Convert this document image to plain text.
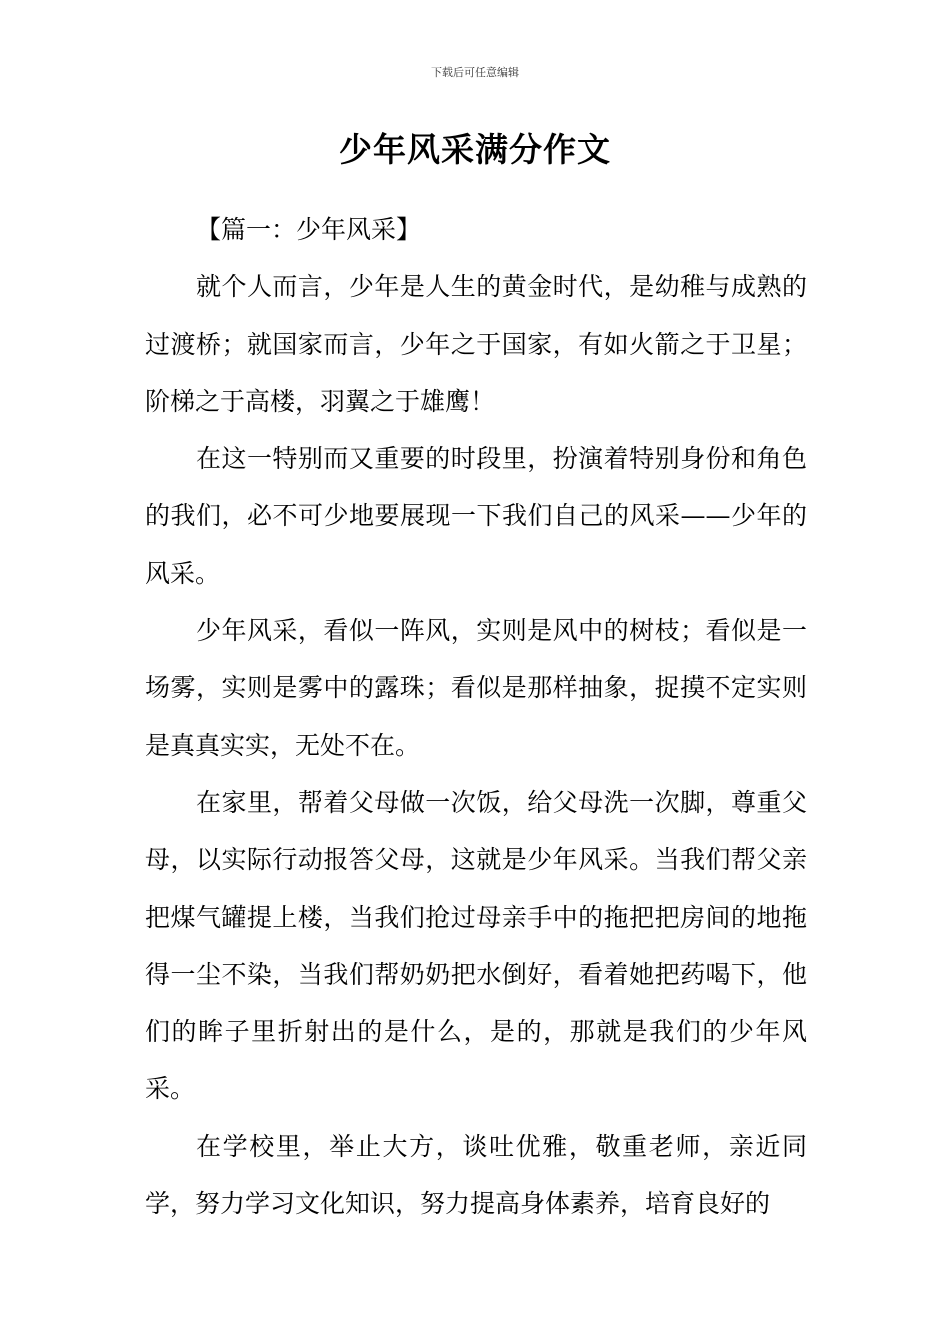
下载后可任意编辑
少年风采满分作文

【篇一：少年风采】

就个人而言，少年是人生的黄金时代，是幼稚与成熟的过渡桥；就国家而言，少年之于国家，有如火箭之于卫星；阶梯之于高楼，羽翼之于雄鹰！

在这一特别而又重要的时段里，扮演着特别身份和角色的我们，必不可少地要展现一下我们自己的风采——少年的风采。

少年风采，看似一阵风，实则是风中的树枝；看似是一场雾，实则是雾中的露珠；看似是那样抽象，捉摸不定实则是真真实实，无处不在。

在家里，帮着父母做一次饭，给父母洗一次脚，尊重父母，以实际行动报答父母，这就是少年风采。当我们帮父亲把煤气罐提上楼，当我们抢过母亲手中的拖把把房间的地拖得一尘不染，当我们帮奶奶把水倒好，看着她把药喝下，他们的眸子里折射出的是什么，是的，那就是我们的少年风采。

在学校里，举止大方，谈吐优雅，敬重老师，亲近同学，努力学习文化知识，努力提高身体素养，培育良好的
